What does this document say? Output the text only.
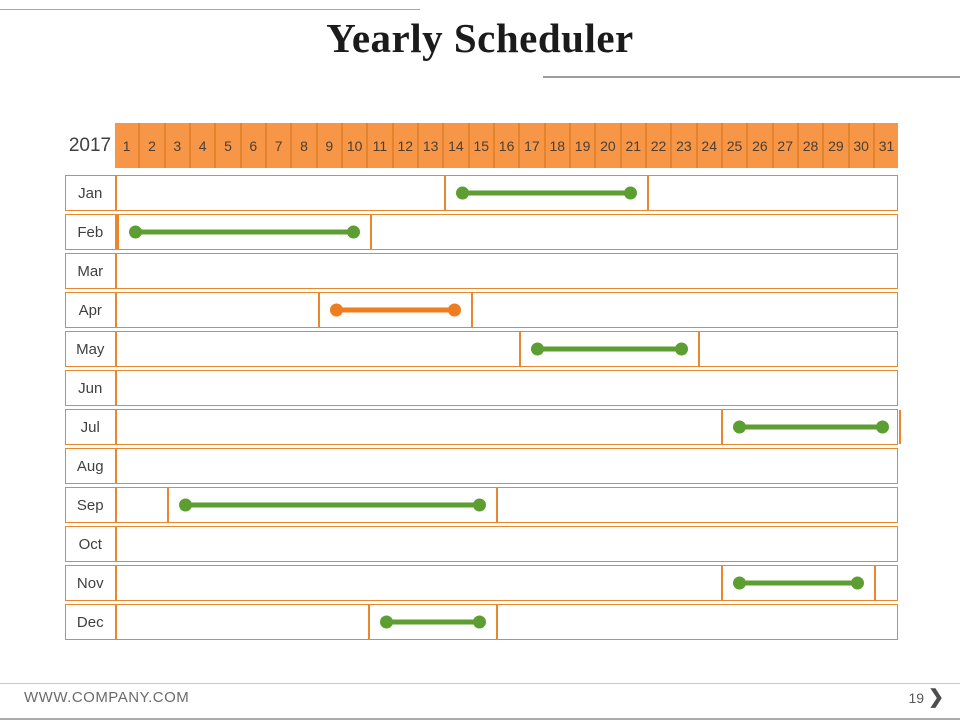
Yearly Scheduler
2017 1	2	3	4	5	6	7	8	9 10 11 12 13 14 15 16 17 18 19 20 21 22 23 24 25 26 27 28 29 30 31
Jan
Feb
Mar
Apr
May
Jun
Jul
Aug
Sep
Oct
Nov
Dec
WWW.COMPANY.COM	19 ❯
